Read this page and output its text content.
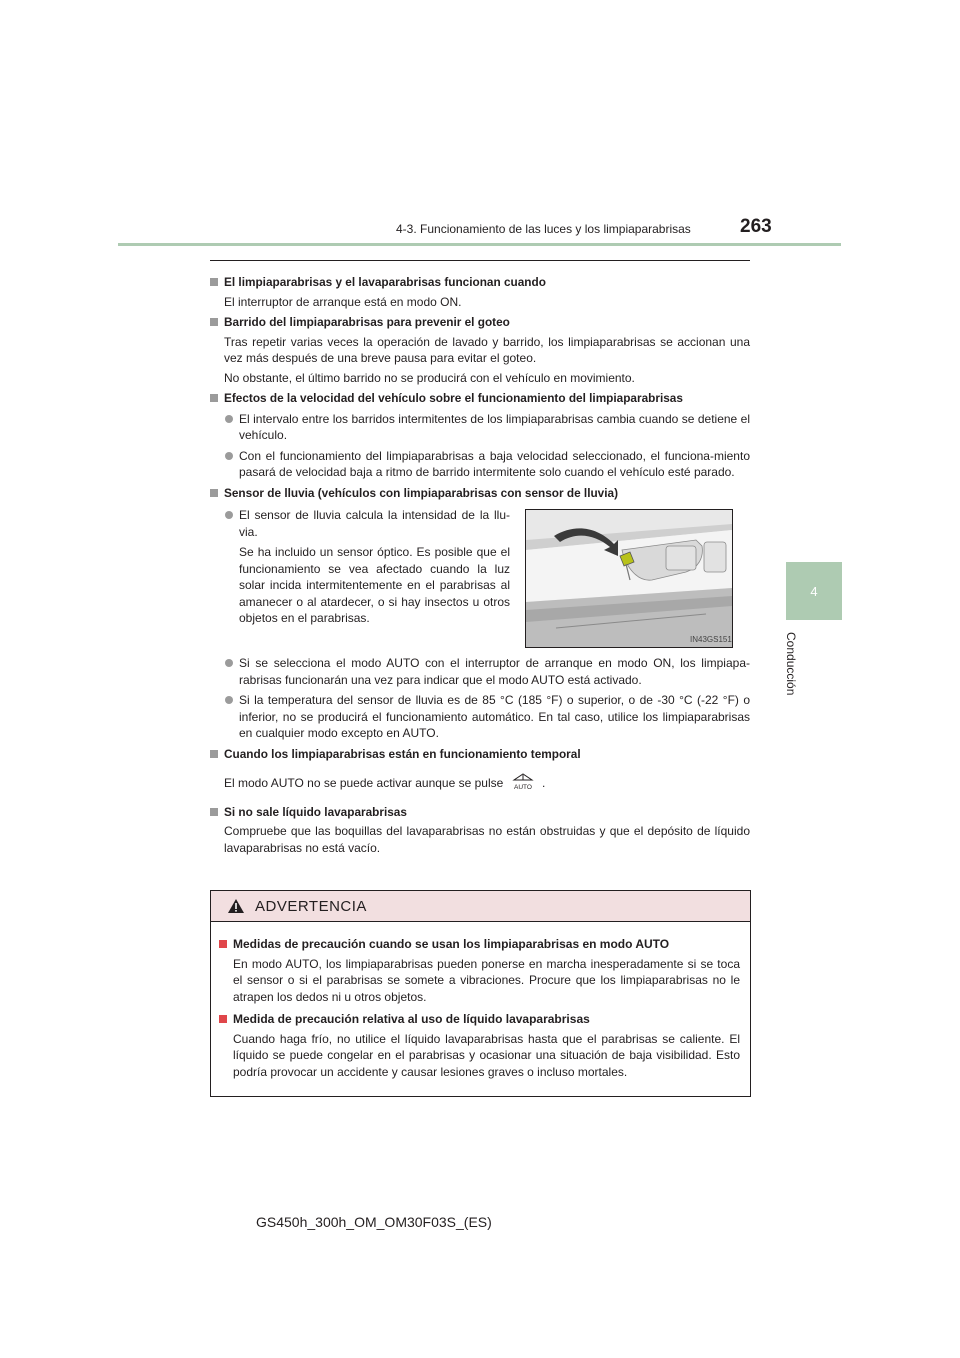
4-3. Funcionamiento de las luces y los limpiaparabrisas	263
4
Conducción
El limpiaparabrisas y el lavaparabrisas funcionan cuando
El interruptor de arranque está en modo ON.
Barrido del limpiaparabrisas para prevenir el goteo
Tras repetir varias veces la operación de lavado y barrido, los limpiaparabrisas se accionan una vez más después de una breve pausa para evitar el goteo.
No obstante, el último barrido no se producirá con el vehículo en movimiento.
Efectos de la velocidad del vehículo sobre el funcionamiento del limpiaparabrisas
El intervalo entre los barridos intermitentes de los limpiaparabrisas cambia cuando se detiene el vehículo.
Con el funcionamiento del limpiaparabrisas a baja velocidad seleccionado, el funciona-miento pasará de velocidad baja a ritmo de barrido intermitente solo cuando el vehículo esté parado.
Sensor de lluvia (vehículos con limpiaparabrisas con sensor de lluvia)
El sensor de lluvia calcula la intensidad de la llu-via.
Se ha incluido un sensor óptico. Es posible que el funcionamiento se vea afectado cuando la luz solar incida intermitentemente en el parabrisas al amanecer o al atardecer, o si hay insectos u otros objetos en el parabrisas.
IN43GS151
Si se selecciona el modo AUTO con el interruptor de arranque en modo ON, los limpiapa-rabrisas funcionarán una vez para indicar que el modo AUTO está activado.
Si la temperatura del sensor de lluvia es de 85 °C (185 °F) o superior, o de -30 °C (-22 °F) o inferior, no se producirá el funcionamiento automático. En tal caso, utilice los limpiaparabrisas en cualquier modo excepto en AUTO.
Cuando los limpiaparabrisas están en funcionamiento temporal
El modo AUTO no se puede activar aunque se pulse AUTO .
Si no sale líquido lavaparabrisas
Compruebe que las boquillas del lavaparabrisas no están obstruidas y que el depósito de líquido lavaparabrisas no está vacío.
ADVERTENCIA
Medidas de precaución cuando se usan los limpiaparabrisas en modo AUTO
En modo AUTO, los limpiaparabrisas pueden ponerse en marcha inesperadamente si se toca el sensor o si el parabrisas se somete a vibraciones. Procure que los limpiaparabrisas no le atrapen los dedos ni u otros objetos.
Medida de precaución relativa al uso de líquido lavaparabrisas
Cuando haga frío, no utilice el líquido lavaparabrisas hasta que el parabrisas se caliente. El líquido se puede congelar en el parabrisas y ocasionar una situación de baja visibilidad. Esto podría provocar un accidente y causar lesiones graves o incluso mortales.
GS450h_300h_OM_OM30F03S_(ES)
